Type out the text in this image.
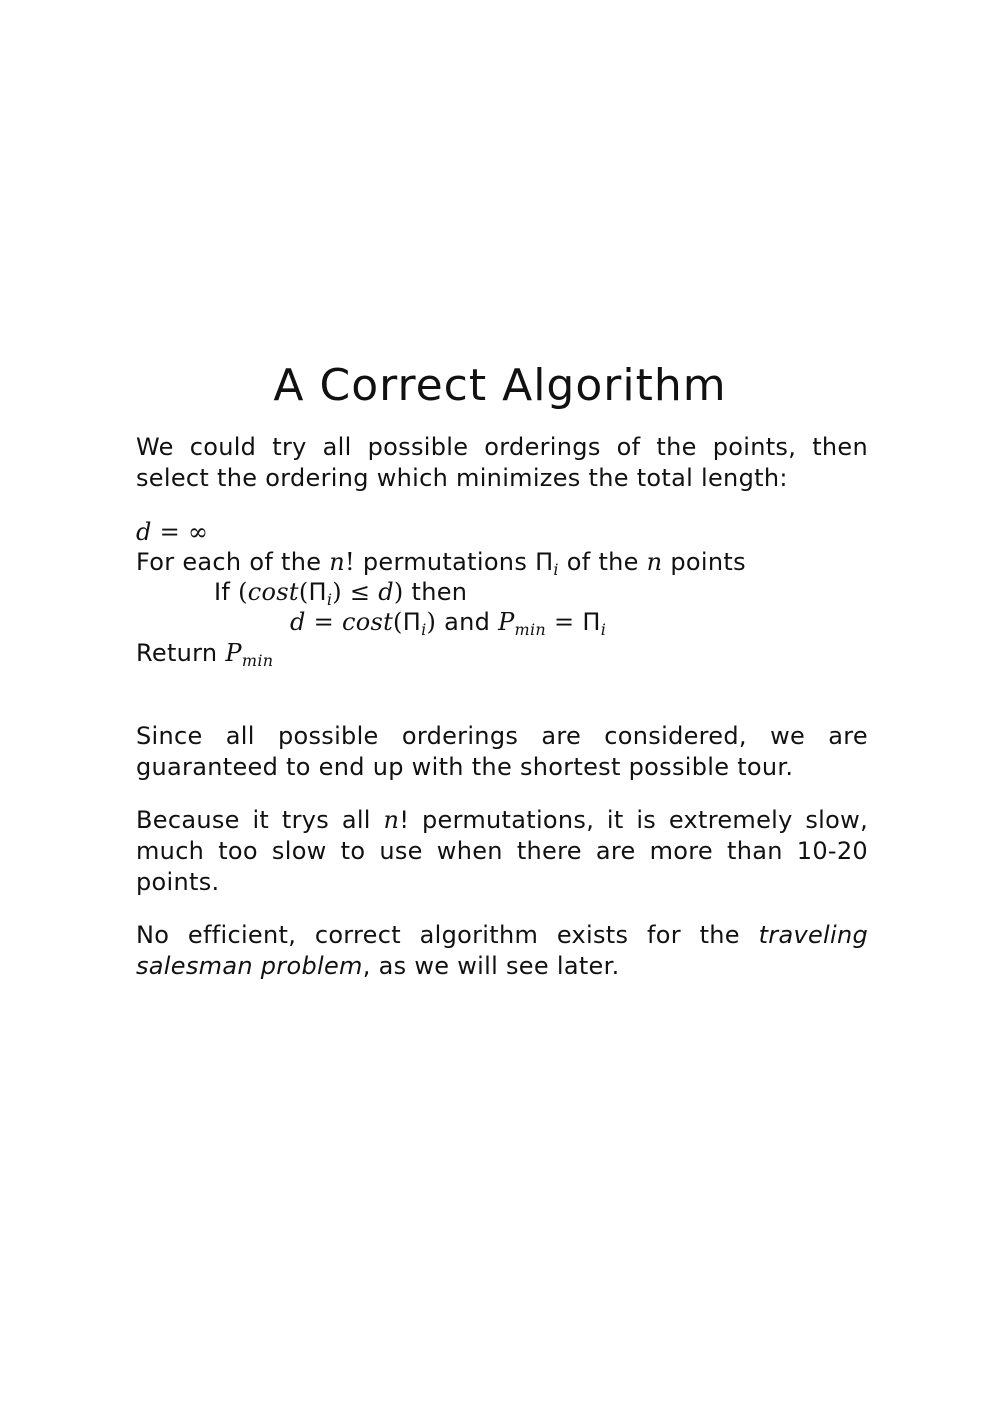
A Correct Algorithm

We could try all possible orderings of the points, then select the ordering which minimizes the total length:

d = ∞
For each of the n! permutations $\Pi_i$ of the n points
If $(\cos t(\Pi_i) \le d)$ then
$d = \cos t(\Pi_i)$ and $P_{min} = \Pi_i$
Return $P_{min}$

Since all possible orderings are considered, we are guaranteed to end up with the shortest possible tour.

Because it trys all n! permutations, it is extremely slow, much too slow to use when there are more than 10-20 points.

No efficient, correct algorithm exists for the traveling salesman problem, as we will see later.
